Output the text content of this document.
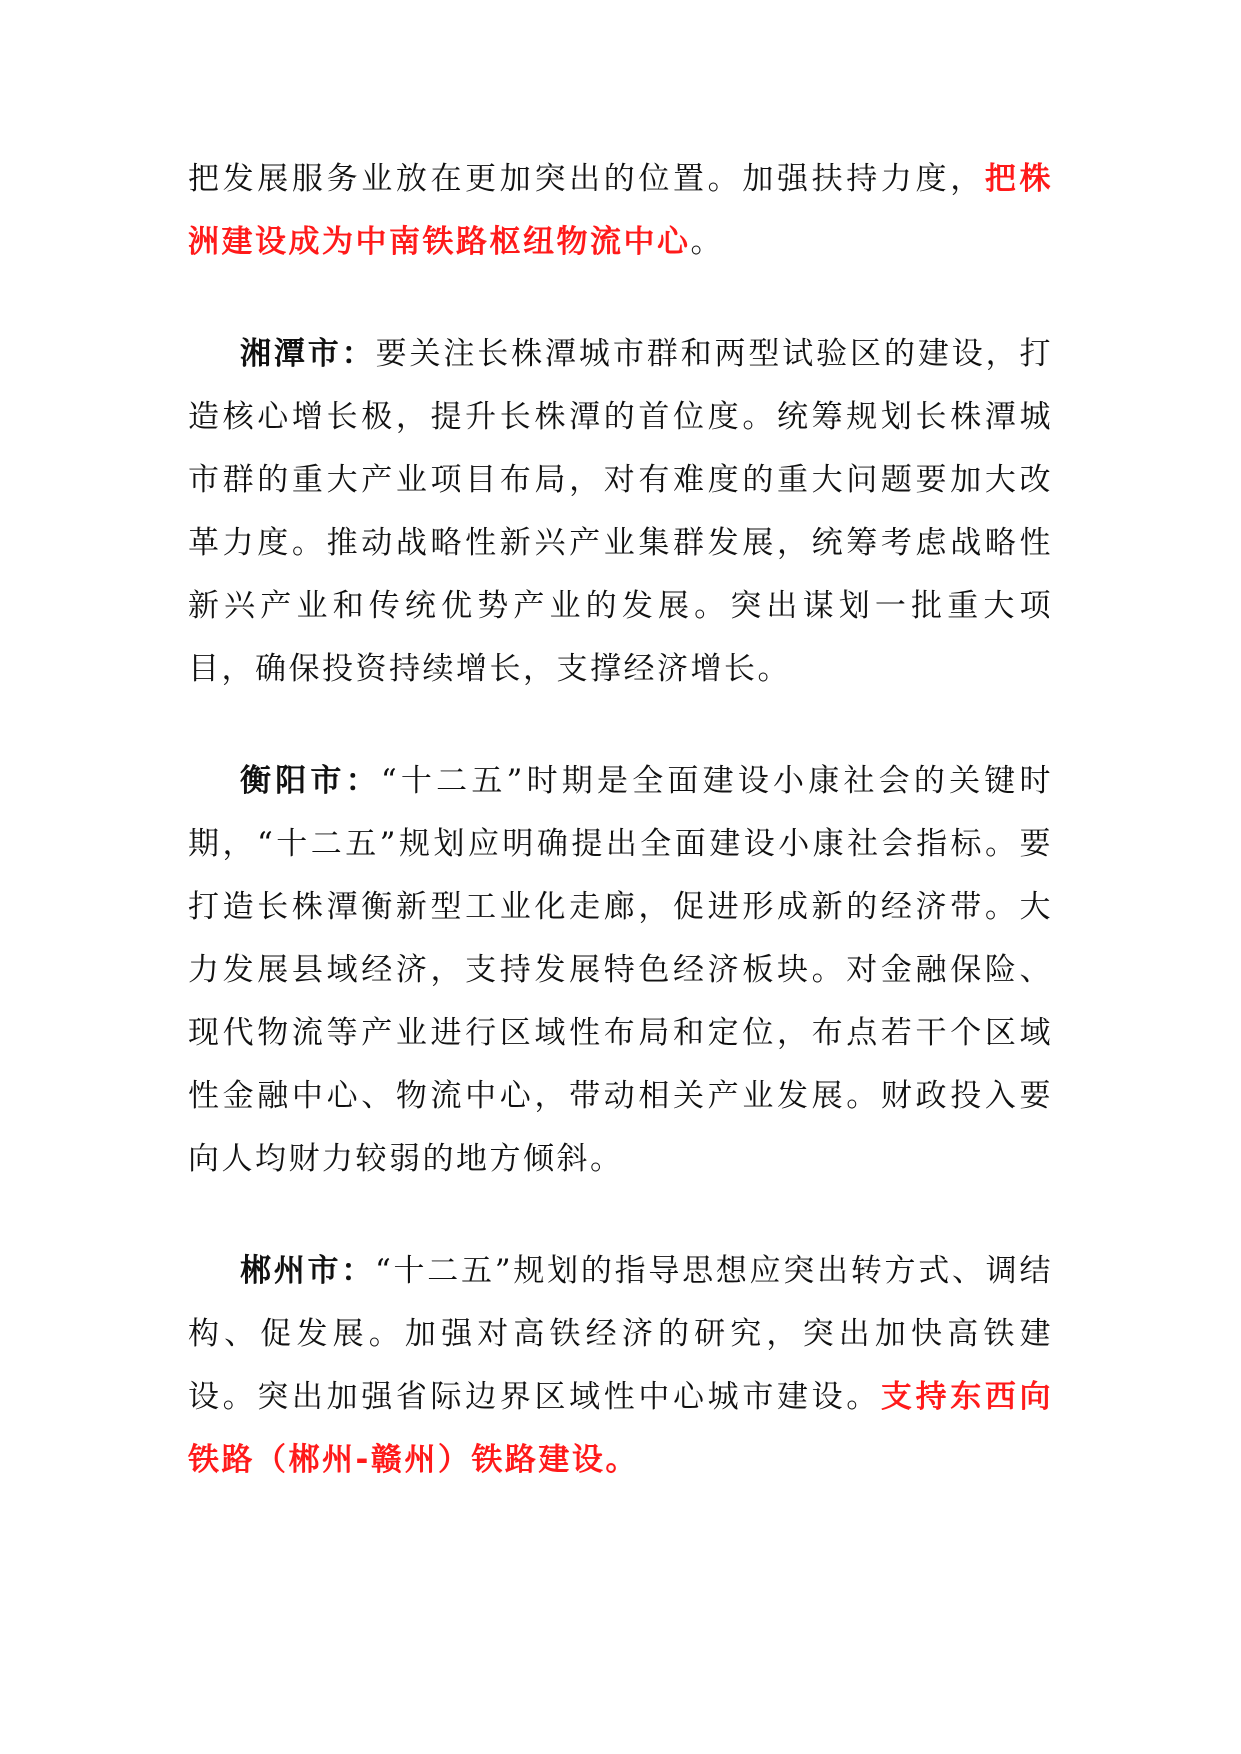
把发展服务业放在更加突出的位置。加强扶持力度，把株洲建设成为中南铁路枢纽物流中心。

湘潭市：要关注长株潭城市群和两型试验区的建设，打造核心增长极，提升长株潭的首位度。统筹规划长株潭城市群的重大产业项目布局，对有难度的重大问题要加大改革力度。推动战略性新兴产业集群发展，统筹考虑战略性新兴产业和传统优势产业的发展。突出谋划一批重大项目，确保投资持续增长，支撑经济增长。

衡阳市：“十二五”时期是全面建设小康社会的关键时期，“十二五”规划应明确提出全面建设小康社会指标。要打造长株潭衡新型工业化走廊，促进形成新的经济带。大力发展县域经济，支持发展特色经济板块。对金融保险、现代物流等产业进行区域性布局和定位，布点若干个区域性金融中心、物流中心，带动相关产业发展。财政投入要向人均财力较弱的地方倾斜。

郴州市：“十二五”规划的指导思想应突出转方式、调结构、促发展。加强对高铁经济的研究，突出加快高铁建设。突出加强省际边界区域性中心城市建设。支持东西向铁路（郴州-赣州）铁路建设。
